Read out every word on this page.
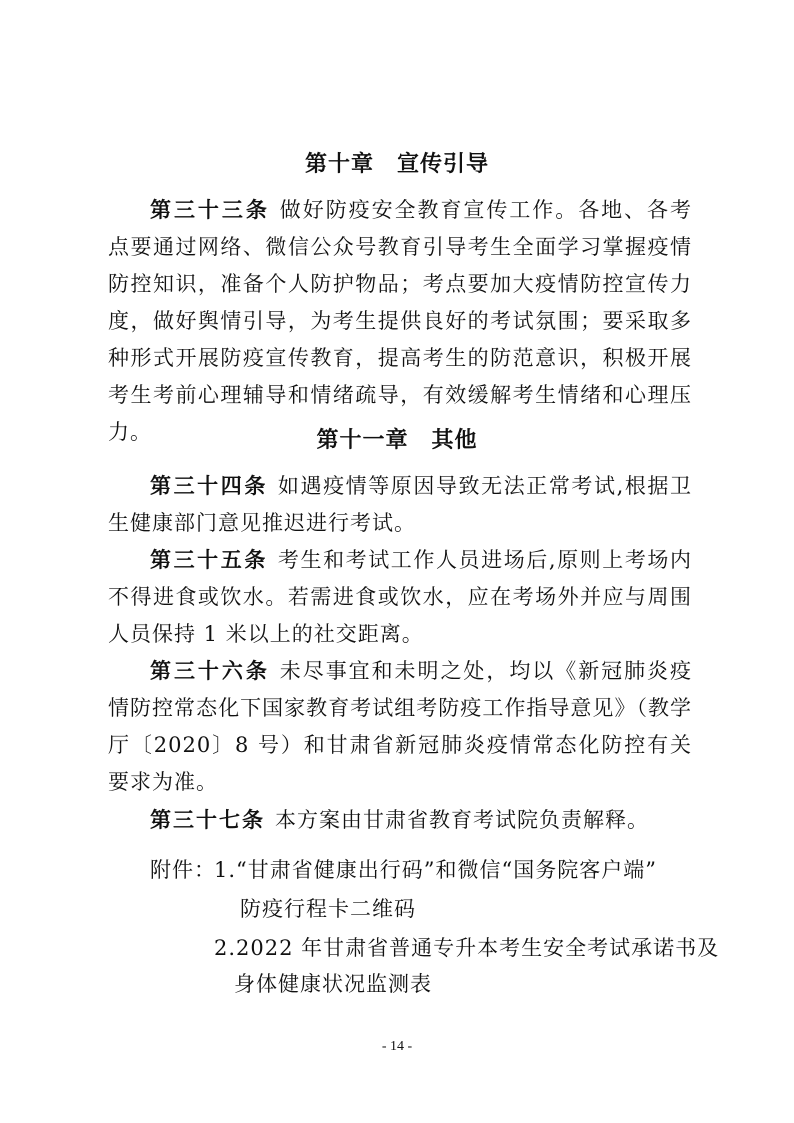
第十章　宣传引导

第三十三条 做好防疫安全教育宣传工作。各地、各考点要通过网络、微信公众号教育引导考生全面学习掌握疫情防控知识，准备个人防护物品；考点要加大疫情防控宣传力度，做好舆情引导，为考生提供良好的考试氛围；要采取多种形式开展防疫宣传教育，提高考生的防范意识，积极开展考生考前心理辅导和情绪疏导，有效缓解考生情绪和心理压力。	第十一章　其他

第三十四条 如遇疫情等原因导致无法正常考试,根据卫生健康部门意见推迟进行考试。

第三十五条 考生和考试工作人员进场后,原则上考场内不得进食或饮水。若需进食或饮水，应在考场外并应与周围人员保持 1 米以上的社交距离。

第三十六条 未尽事宜和未明之处，均以《新冠肺炎疫情防控常态化下国家教育考试组考防疫工作指导意见》（教学厅〔2020〕8 号）和甘肃省新冠肺炎疫情常态化防控有关要求为准。

第三十七条 本方案由甘肃省教育考试院负责解释。

附件：
1.“甘肃省健康出行码”和微信“国务院客户端”
防疫行程卡二维码
2.2022 年甘肃省普通专升本考生安全考试承诺书及
身体健康状况监测表
- 14 -
